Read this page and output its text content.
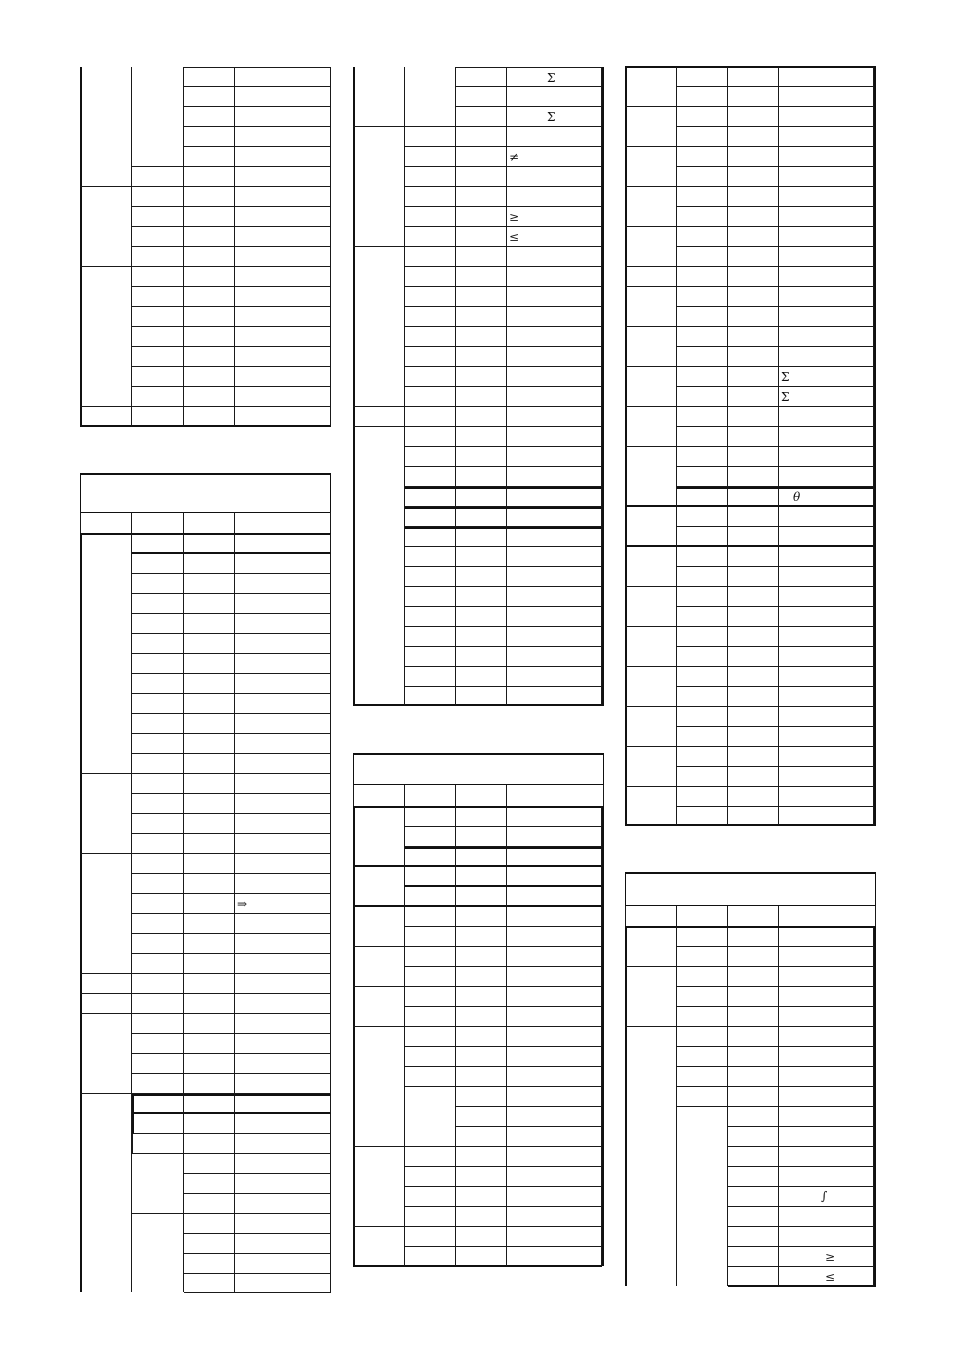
⇒
Σ
Σ
≠
≥
≤
Σ
Σ
θ
∫
≥
≤
